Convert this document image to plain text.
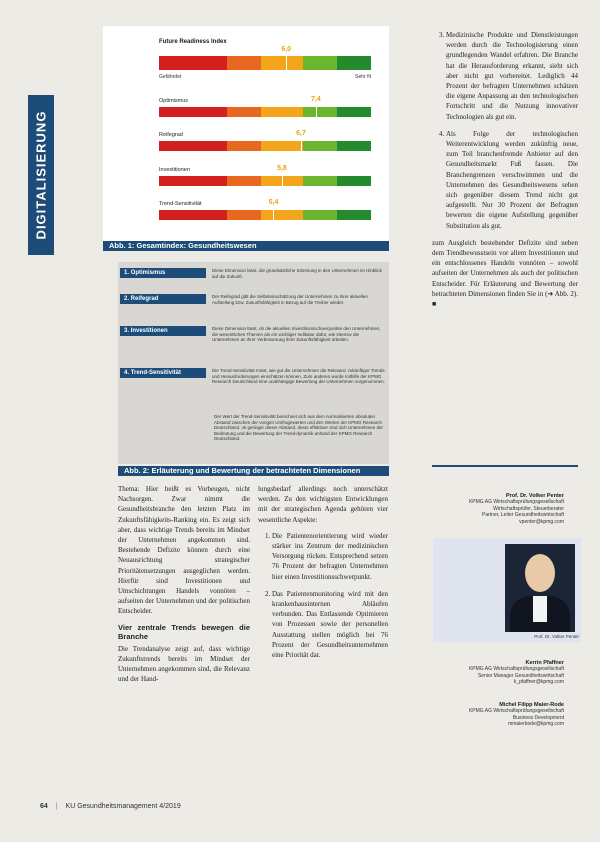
DIGITALISIERUNG
Future Readiness Index
6,0
Gefährdet	Sehr fit
Optimismus	7,4
Reifegrad	6,7
Investitionen	5,8
Trend-Sensitivität	5,4
Abb. 1: Gesamtindex: Gesundheitswesen
1. Optimismus	Diese Dimension lässt, die grundsätzliche Stimmung in den Unternehmen im Hinblick auf die Zukunft.
2. Reifegrad	Der Reifegrad gibt die Selbsteinschätzung der Unternehmen zu ihrer aktuellen Aufstellung bzw. Zukunftsfähigkeit in Bezug auf die Treiber wieder.
3. Investitionen	Diese Dimension lässt, ob die aktuellen Investitionsschwerpunkte den Unternehmen, die wesentlichen Themen als ein wichtiger Indikator dafür, wie intensiv die Unternehmen an ihrer Verbesserung ihrer Zukunftsfähigkeit arbeiten.
4. Trend-Sensitivität	Die Trend-Sensitivität misst, wie gut die Unternehmen die Relevanz zukünftiger Trends und Herausforderungen einschätzen können. Zum anderen wurde mithilfe der KPMG Research Deutschland eine unabhängige Bewertung der Unternehmen vorgenommen.
Der Wert der Trend-Sensitivität berechnet sich aus dem normalisierten absoluten Abstand zwischen der vorigen Umfragewerten und den Werten der KPMG Research Deutschland. Je geringer dieser Abstand, desto effektiver sind sich Unternehmen der Bedeutung und die Bewertung der Trend-dynamik anhand der KPMG Research Deutschland.
Abb. 2: Erläuterung und Bewertung der betrachteten Dimensionen

Thema: Hier heißt es Vorbeugen, nicht Nachsorgen. Zwar nimmt die Gesundheitsbranche den letzten Platz im Zukunftsfähigkeits-Ranking ein. Es zeigt sich aber, dass wichtige Trends bereits im Mindset der Unternehmen angekommen sind. Bestehende Defizite können durch eine Neuausrichtung strategischer Prioritätensetzungen ausgeglichen werden. Hierfür sind Investitionen und Umschichtungen Handels vonnöten – aufseiten der Unternehmen und der politischen Entscheider.

Vier zentrale Trends bewegen die Branche

Die Trendanalyse zeigt auf, dass wichtige Zukunftstrends bereits im Mindset der Unternehmen angekommen sind, die Relevanz und der Hand-

lungsbedarf allerdings noch unterschätzt werden. Zu den wichtigsten Entwicklungen mit der strategischen Agenda gehören vier wesentliche Aspekte:

1. Die Patientenorientierung wird wieder stärker ins Zentrum der medizinischen Versorgung rücken. Entsprechend setzen 76 Prozent der befragten Unternehmen hier einen Investitionsschwerpunkt.
2. Das Patientenmonitoring wird mit den krankenhausinternen Abläufen verbunden. Das Entlassende Optimieren von Prozessen sowie der personellen Ausstattung stellen möglich bei 76 Prozent der Gesundheitsunternehmen eine Priorität dar.
3. Medizinische Produkte und Dienstleistungen werden durch die Technologisierung einen grundlegenden Wandel erfahren. Die Branche hat die Herausforderung erkannt, sieht sich aber nicht gut vorbereitet. Lediglich 44 Prozent der befragten Unternehmen schätzen die eigene Anpassung an den technologischen Fortschritt und die Nutzung innovativer Technologien als gut ein.
4. Als Folge der technologischen Weiterentwicklung werden zukünftig neue, zum Teil branchenfremde Anbieter auf den Gesundheitsmarkt Fuß fassen. Die Branchengrenzen verschwimmen und die Unternehmen des Gesundheitswesens sehen sich gegenüber diesem Trend nicht gut aufgestellt. Nur 30 Prozent der Befragten bewerten die eigene Aufstellung gegenüber Substitution als gut.

zum Ausgleich bestehender Defizite sind neben dem Trendbewusstsein vor allem Investitionen und ein entschlossenes Handeln vonnöten – sowohl aufseiten der Unternehmen als auch der politischen Entscheider. Für Erläuterung und Bewertung der betrachteten Dimensionen finden Sie in (➜ Abb. 2). ■

Prof. Dr. Volker Penter
KPMG AG Wirtschaftsprüfungsgesellschaft
Wirtschaftsprüfer, Steuerberater
Partner, Leiter Gesundheitswirtschaft
vpenter@kpmg.com
Prof. Dr. Volker Penter
Kerrin Pfaffner
KPMG AG Wirtschaftsprüfungsgesellschaft
Senior Manager Gesundheitswirtschaft
k_pfaffner@kpmg.com
Michel Filipp Maier-Rode
KPMG AG Wirtschaftsprüfungsgesellschaft
Business Development
mmaierbode@kpmg.com
64 | KU Gesundheitsmanagement 4/2019
